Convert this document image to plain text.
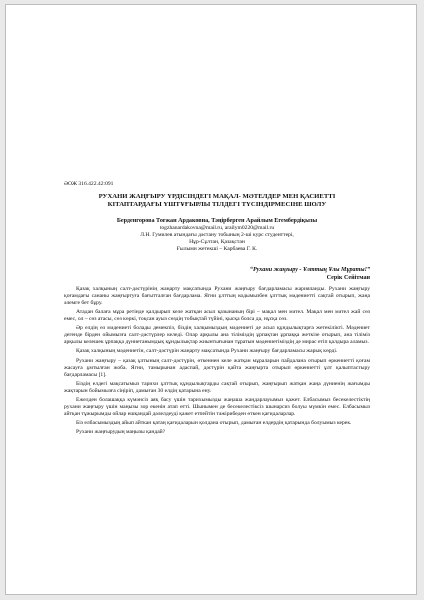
ӘОЖ 316.422.42:091

РУХАНИ ЖАҢҒЫРУ ҮРДІСІНДЕГІ МАҚАЛ- МӘТЕЛДЕР МЕН ҚАСИЕТТІ
КІТАПТАРДАҒЫ ҮШТҰҒЫРЛЫ ТІЛДЕГІ ТҮСІНДІРМЕСІНЕ ШОЛУ

Берденгорова Тоғжан Ардаковна, Тәңірберген Арайлым Егембердіқызы

togzhanardakovna@mail.ru, arailym0220@mail.ru

Л.Н. Гумилев атындағы дәстану тобының 2-ші курс студенттері,

Нұр-Сұлтан, Қазақстан

Ғылыми жетекші – Карбаева Г. К.

“Рухани жаңғыру - Ұлттың Ұлы Мұраты!”
Серік Сейітман

Қазақ халқының салт-дәстүрінің жаңарту мақсатында Рухани жаңғыру бағдарламасы жарияланды. Рухани жаңғыру қоғамдағы сананы жаңғыртуға бағытталған бағдарлама. Ягни ұлттың кодымызбен ұлттық мәдениетті сақтай отырып, жаңа әлемге бет бұру.

Атадан балаға мұра ретінде қалдырып келе жатқан асыл қазынаның бірі – мақал мен мәтел. Мақал мен мәтел жай сөз емес, ол – сөз атасы, сөз көркі, тоқсан ауыз сөздің тобықтай түйіні, қысқа болса да, нұсқа сөз.

Әр елдің өз мәдениеті болады демекпіз, біздің халқымыздың мәдениеті де асыл құндылықтарға жетекілікті. Мәдениет дегенде бірден ойымызға салт-дәстүрлер келеді. Олар арқылы ана тіліміздің ұрпақтан ұрпаққа жеткізе отырып, ана тіліміз арқылы келешек ұрпаққа дүниетанымдық құндылықтар жиынтығынан тұратын мәдениетіміздің де мирас етіп қалдыра аламыз.

Қазақ халқының мәдениетін, салт-дәстүрін жаңарту мақсатында Рухани жаңғыру бағдарламасы жарық көрді.

Рухани жаңғыру – қазақ ұлтының салт-дәстүрін, өткеннен келе жатқан мұраларын пайдалана отырып өркениетті қоғам жасауға ұмтылған жоба. Ягни, тамырынан адаспай, дәстүрін қайта жаңғырта отырып өркениетті ұлт қалыптастыру бағдарламасы [1].

Біздің елдегі мақсатымыз тарихи ұлттық құндылықтарды сақтай отырып, жаңғырып жатқан жаңа дүниенің жағымды жақтарын бойымызға сіңіріп, дамыған 30 елдің қатарына ену.

Ежелден болашаққа күмәнсіз аяқ басу үшін тарихымызды жаңаша жаңдарлауымыз қажет. Елбасымыз бесекелестіктің рухани жаңғыру үшін маңызы зор екенін атап өтті. Шынымен де бесекелестіксіз шынарсиз болуы мүмкін емес. Елбасымыз айтқан тұжырымды ойлар ешқандай дәлелдеуді қажет етпейтін тәжірибеден өткен қағидаларлар.

Біз елбасымыздың айып айткан қатаң қағидаларын қолдана отырып, дамыған елдердің қатарында болуымыз керек.

Рухани жаңғырудың маңызы қандай?
